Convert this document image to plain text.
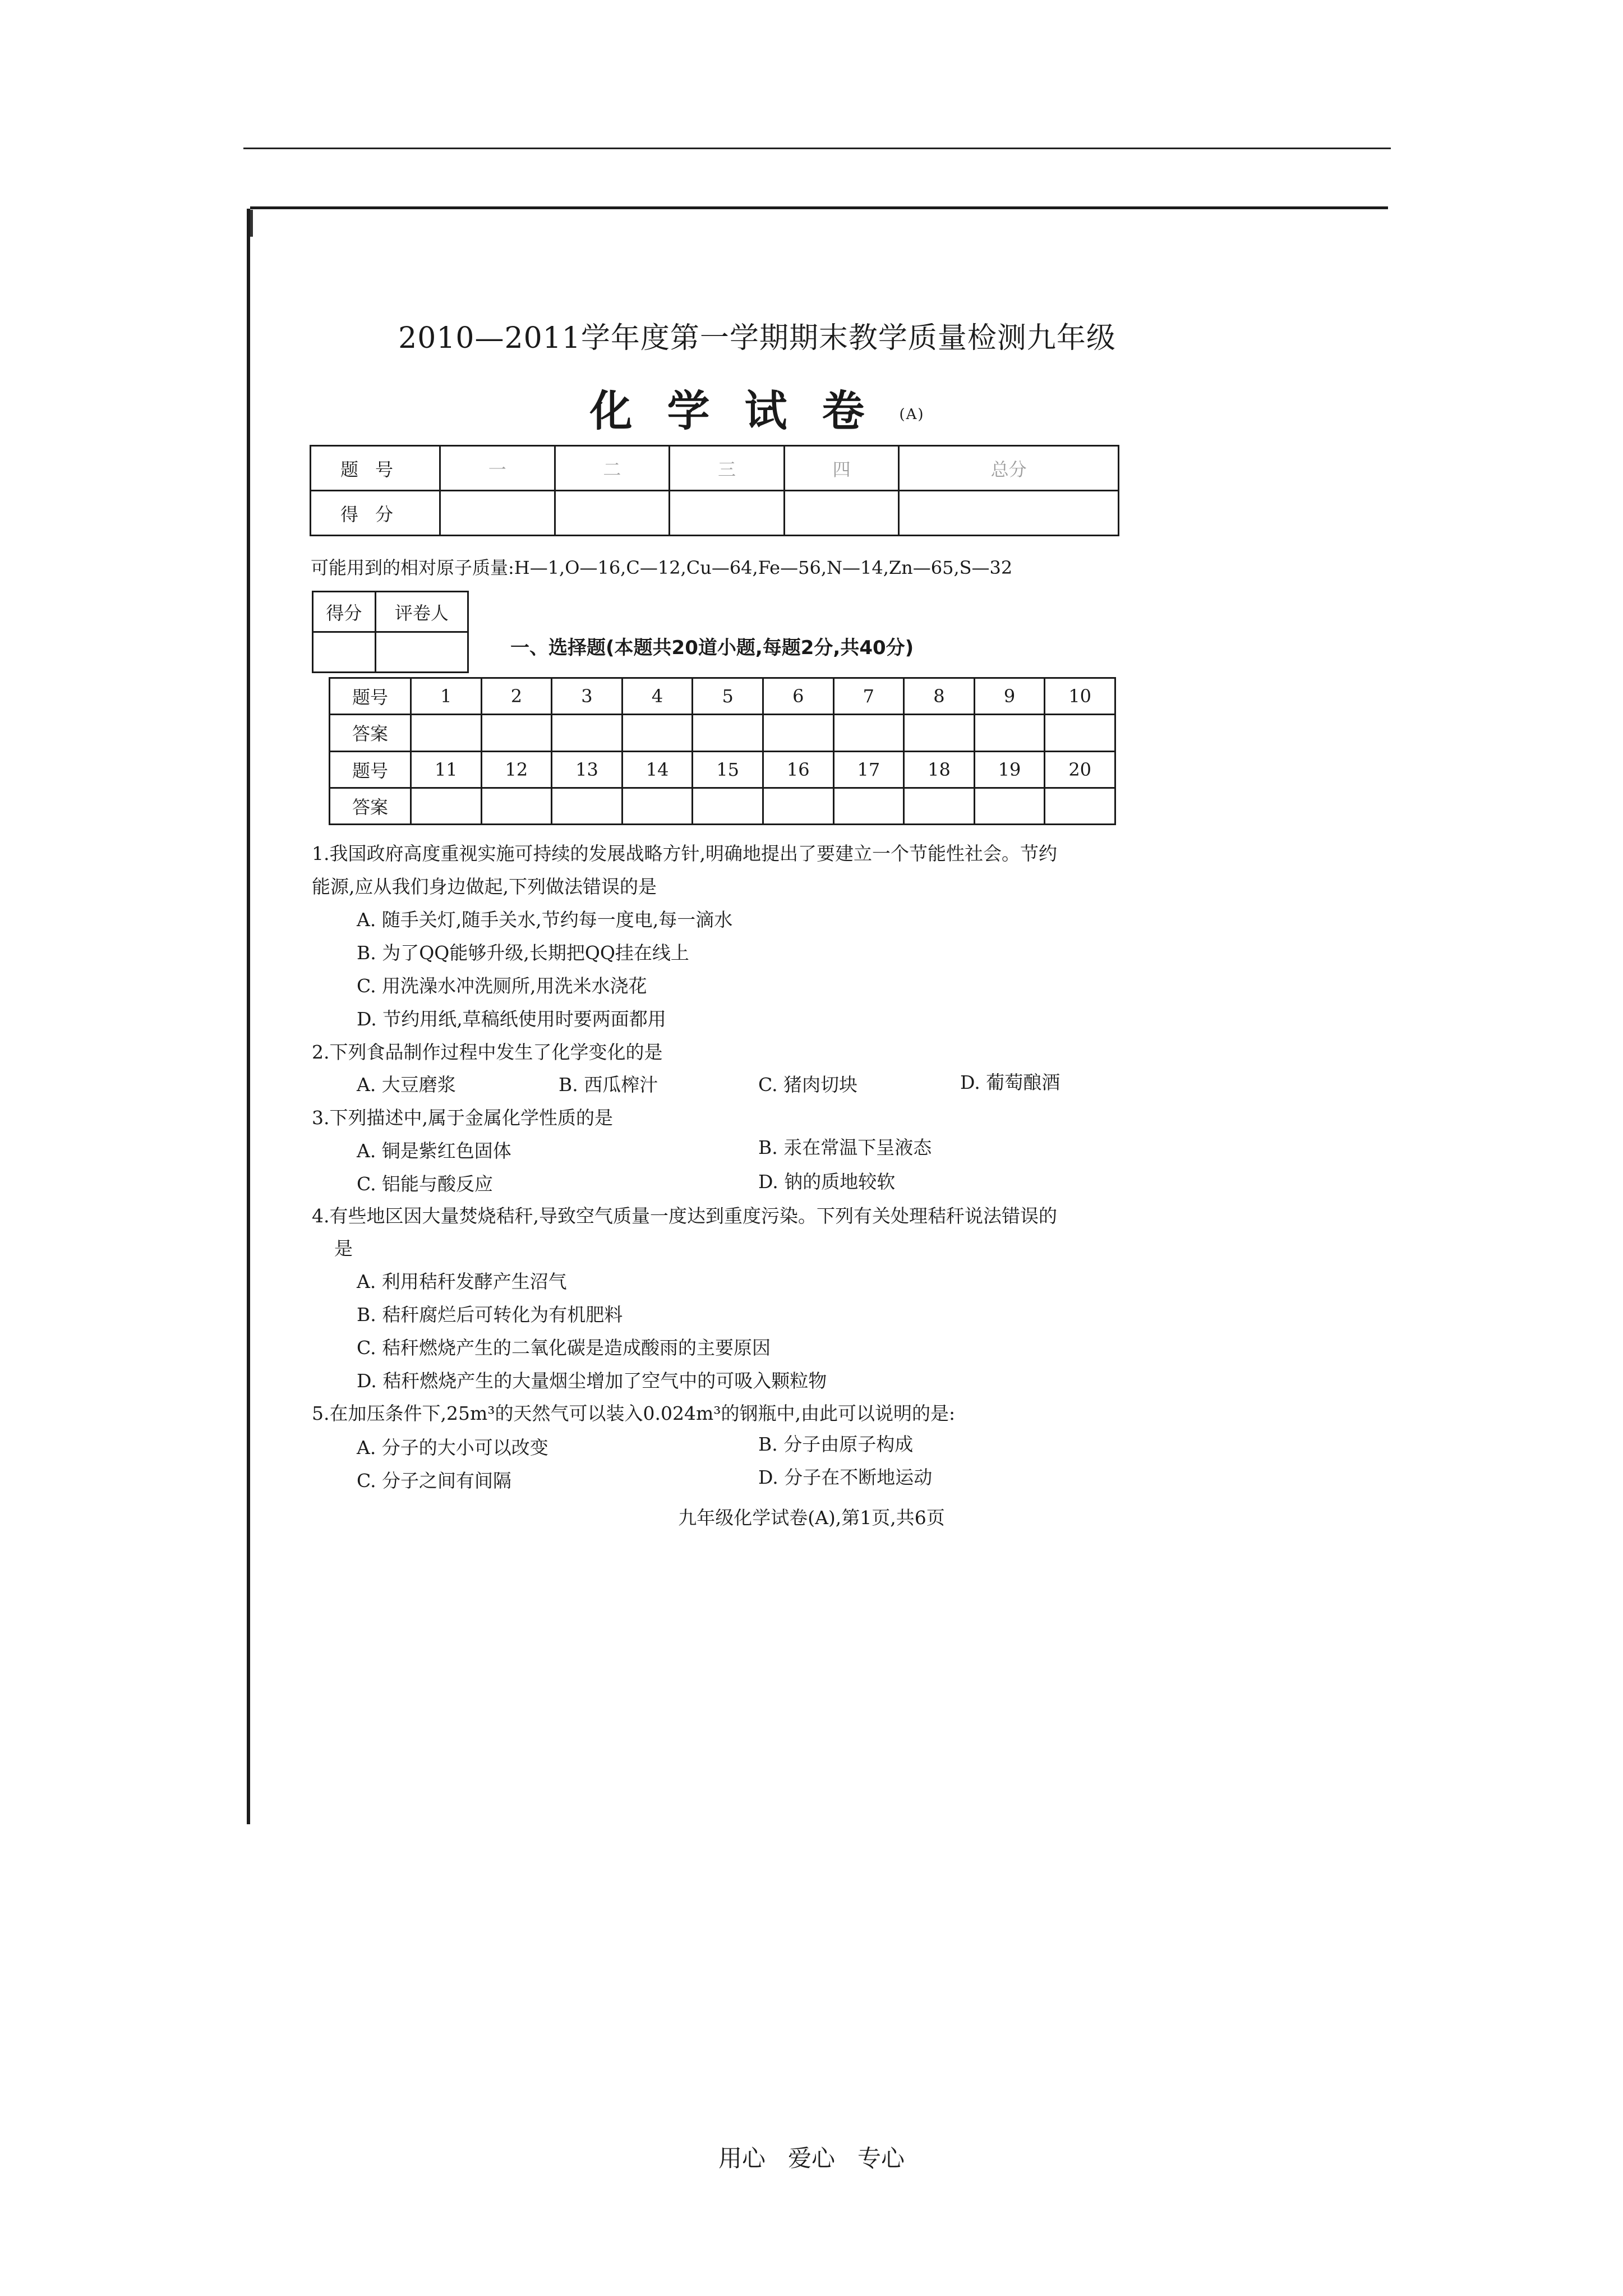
2010—2011学年度第一学期期末教学质量检测九年级
化学试卷(A)
题号	一	二	三	四	总分
得分					
可能用到的相对原子质量:H—1,O—16,C—12,Cu—64,Fe—56,N—14,Zn—65,S—32
得分	评卷人

一、选择题(本题共20道小题,每题2分,共40分)
题号	1	2	3	4	5	6	7	8	9	10
答案										
题号	11	12	13	14	15	16	17	18	19	20
答案										
1.我国政府高度重视实施可持续的发展战略方针,明确地提出了要建立一个节能性社会。节约
能源,应从我们身边做起,下列做法错误的是
A. 随手关灯,随手关水,节约每一度电,每一滴水
B. 为了QQ能够升级,长期把QQ挂在线上
C. 用洗澡水冲洗厕所,用洗米水浇花
D. 节约用纸,草稿纸使用时要两面都用
2.下列食品制作过程中发生了化学变化的是
A. 大豆磨浆	B. 西瓜榨汁	C. 猪肉切块	D. 葡萄酿酒
3.下列描述中,属于金属化学性质的是
A. 铜是紫红色固体	B. 汞在常温下呈液态
C. 铝能与酸反应	D. 钠的质地较软
4.有些地区因大量焚烧秸秆,导致空气质量一度达到重度污染。下列有关处理秸秆说法错误的
是
A. 利用秸秆发酵产生沼气
B. 秸秆腐烂后可转化为有机肥料
C. 秸秆燃烧产生的二氧化碳是造成酸雨的主要原因
D. 秸秆燃烧产生的大量烟尘增加了空气中的可吸入颗粒物
5.在加压条件下,25m³的天然气可以装入0.024m³的钢瓶中,由此可以说明的是:
A. 分子的大小可以改变	B. 分子由原子构成
C. 分子之间有间隔	D. 分子在不断地运动
九年级化学试卷(A),第1页,共6页
用心   爱心   专心
